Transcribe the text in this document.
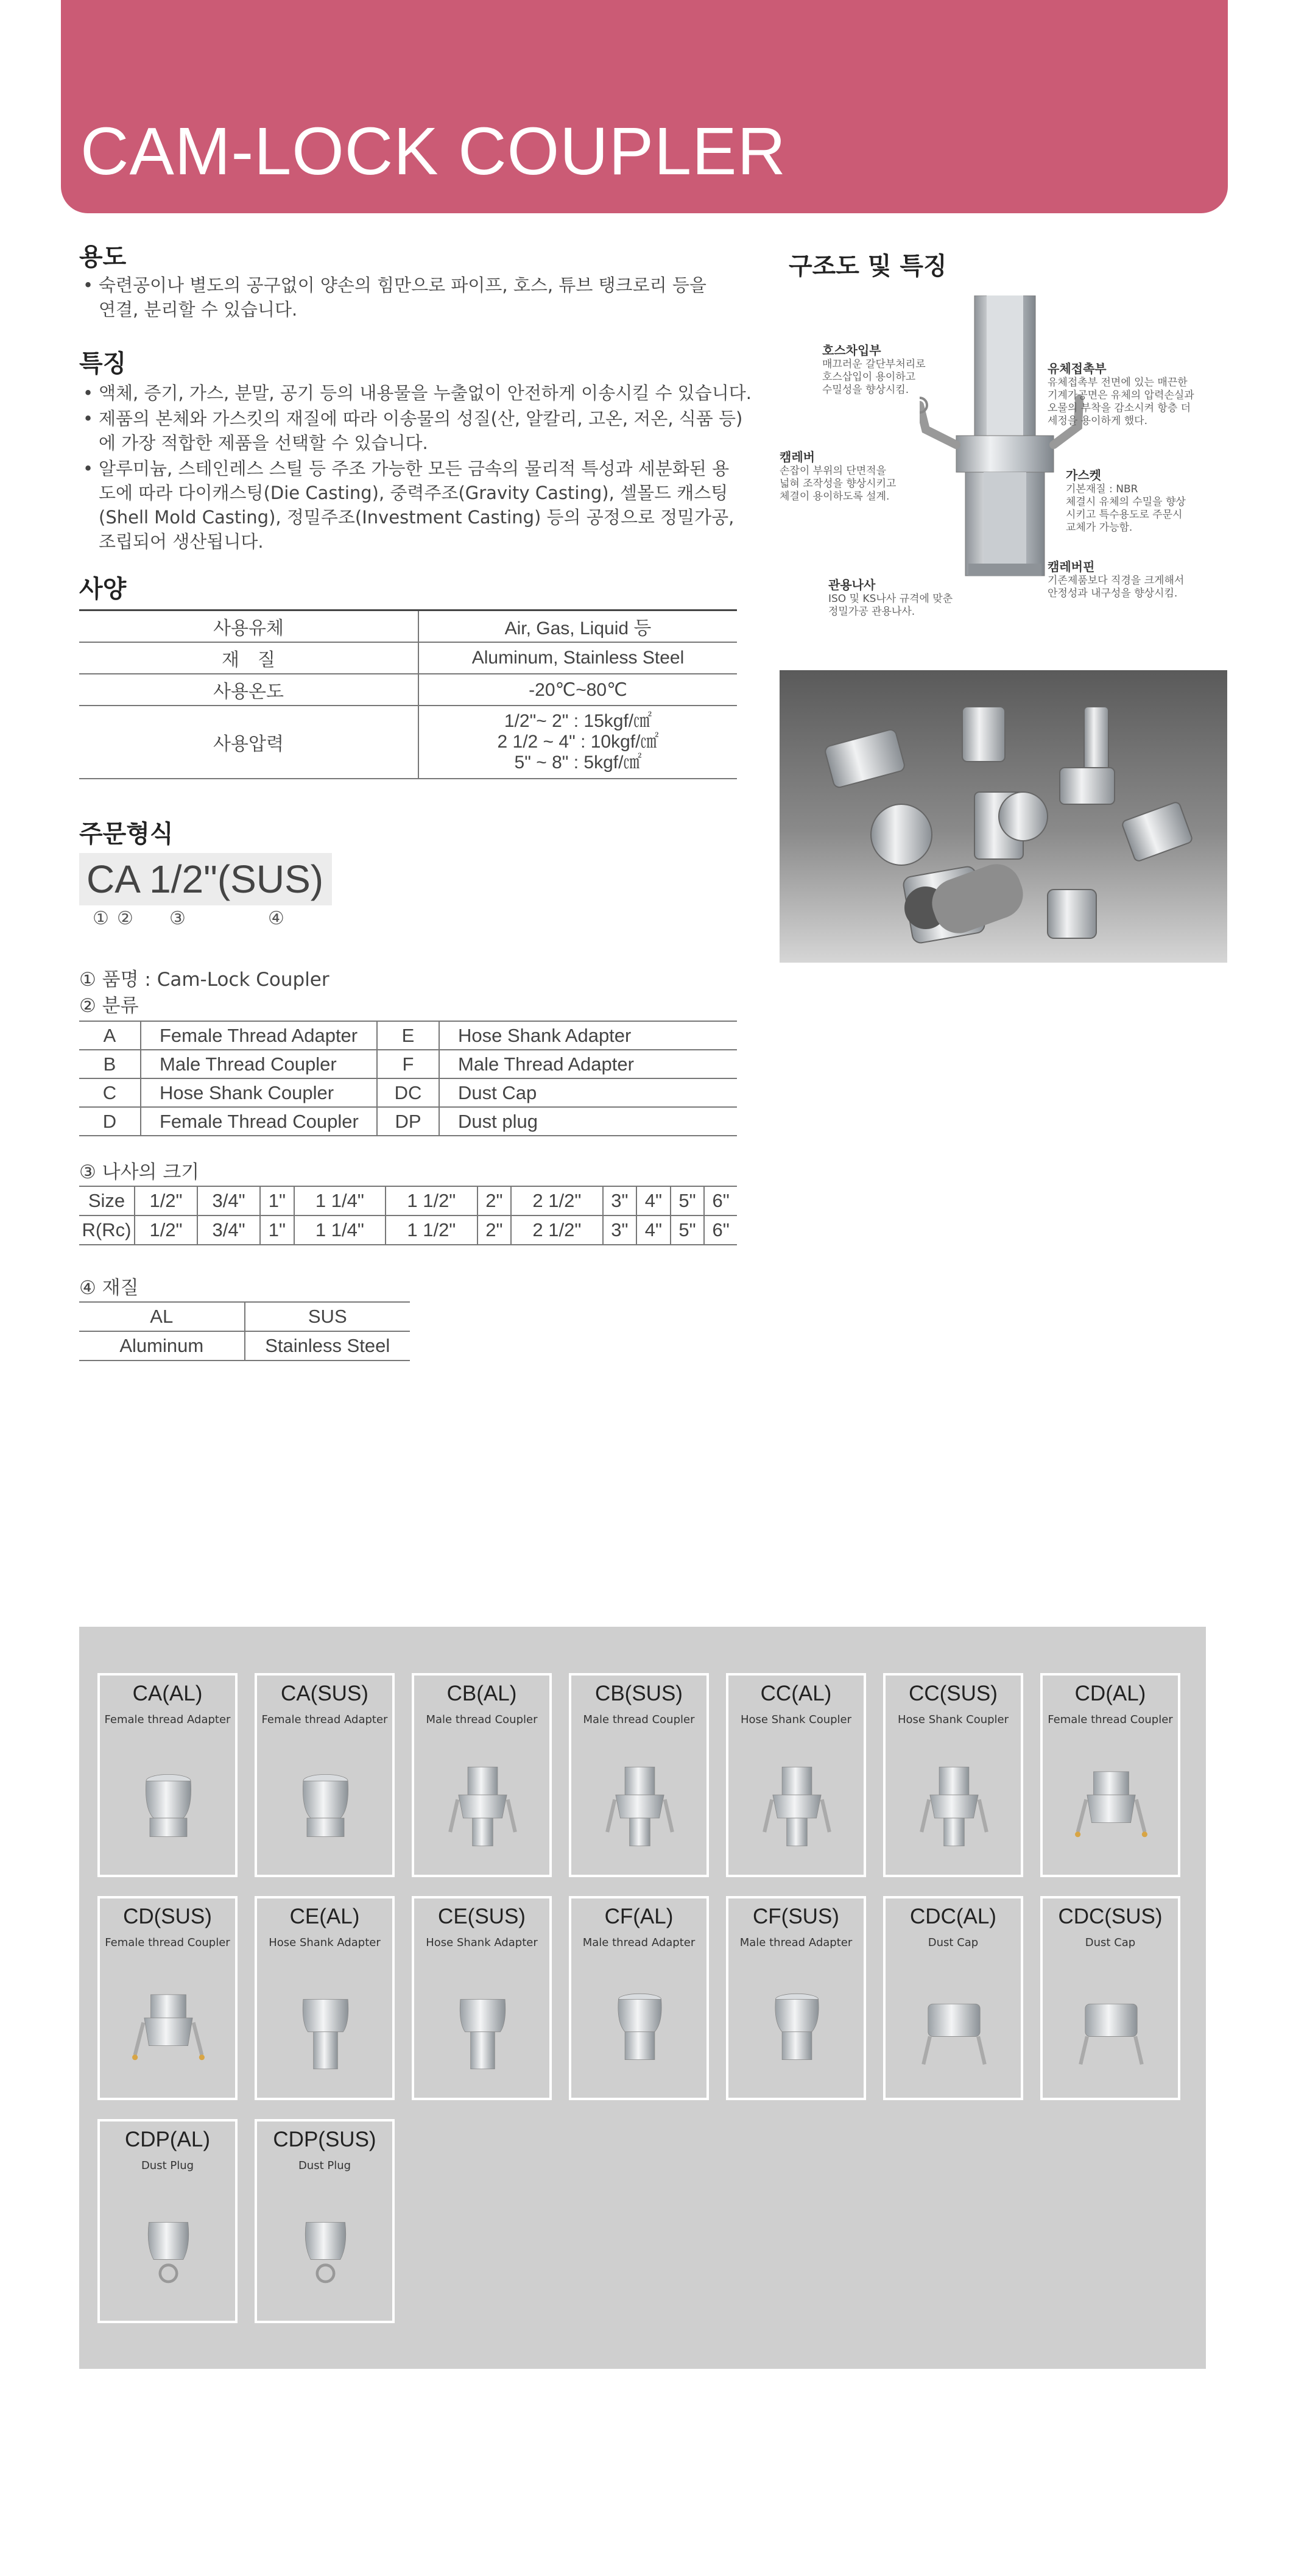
CAM-LOCK COUPLER
용도
• 숙련공이나 별도의 공구없이 양손의 힘만으로 파이프, 호스, 튜브 탱크로리 등을
연결, 분리할 수 있습니다.
특징
• 액체, 증기, 가스, 분말, 공기 등의 내용물을 누출없이 안전하게 이송시킬 수 있습니다.
• 제품의 본체와 가스킷의 재질에 따라 이송물의 성질(산, 알칼리, 고온, 저온, 식품 등)
에 가장 적합한 제품을 선택할 수 있습니다.
• 알루미늄, 스테인레스 스틸 등 주조 가능한 모든 금속의 물리적 특성과 세분화된 용
도에 따라 다이캐스팅(Die Casting), 중력주조(Gravity Casting), 셀몰드 캐스팅
(Shell Mold Casting), 정밀주조(Investment Casting) 등의 공정으로 정밀가공,
조립되어 생산됩니다.
사양
사용유체	Air, Gas, Liquid 등
재　질	Aluminum, Stainless Steel
사용온도	-20℃~80℃
사용압력	1/2"~ 2" : 15kgf/㎠
2 1/2 ~ 4" : 10kgf/㎠
5" ~ 8" : 5kgf/㎠
주문형식
CA 1/2"(SUS)
① ② ③	④
① 품명 : Cam-Lock Coupler
② 분류
A	Female Thread Adapter	E	Hose Shank Adapter
B	Male Thread Coupler	F	Male Thread Adapter
C	Hose Shank Coupler	DC	Dust Cap
D	Female Thread Coupler	DP	Dust plug
③ 나사의 크기
Size	1/2"	3/4"	1"	1 1/4"	1 1/2"	2"	2 1/2"	3"	4"	5"	6"
R(Rc)	1/2"	3/4"	1"	1 1/4"	1 1/2"	2"	2 1/2"	3"	4"	5"	6"
④ 재질
AL	SUS
Aluminum	Stainless Steel
구조도 및 특징
호스차입부
매끄러운 갈단부처리로
호스삽입이 용이하고
수밀성을 향상시킴.
유체접촉부
유체접촉부 전면에 있는 매끈한
기계가공면은 유체의 압력손실과
오물의 부착을 감소시켜 항층 더
세정을 용이하게 했다.
캠레버
손잡이 부위의 단면적을
넓혀 조작성을 향상시키고
체결이 용이하도록 설계.
가스켓
기본재질 : NBR
체결시 유체의 수밀을 향상
시키고 특수용도로 주문시
교체가 가능함.
관용나사
ISO 및 KS나사 규격에 맞춘
정밀가공 관용나사.
캠레버핀
기존제품보다 직경을 크게해서
안정성과 내구성을 향상시킴.
CA(AL)
Female thread Adapter
CA(SUS)
Female thread Adapter
CB(AL)
Male thread Coupler
CB(SUS)
Male thread Coupler
CC(AL)
Hose Shank Coupler
CC(SUS)
Hose Shank Coupler
CD(AL)
Female thread Coupler
CD(SUS)
Female thread Coupler
CE(AL)
Hose Shank Adapter
CE(SUS)
Hose Shank Adapter
CF(AL)
Male thread Adapter
CF(SUS)
Male thread Adapter
CDC(AL)
Dust Cap
CDC(SUS)
Dust Cap
CDP(AL)
Dust Plug
CDP(SUS)
Dust Plug
